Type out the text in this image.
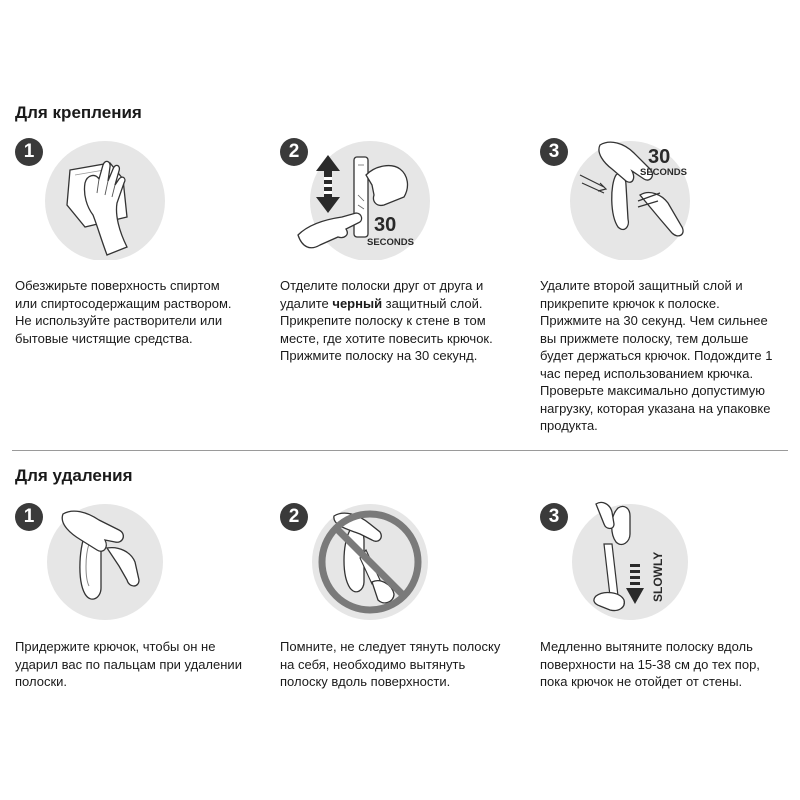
Для крепления
1
Обезжирьте поверхность спиртом
или спиртосодержащим раствором.
Не используйте растворители или
бытовые чистящие средства.
30
SECONDS
2
Отделите полоски друг от друга и
удалите черный защитный слой.
Прикрепите полоску к стене в том
месте, где хотите повесить крючок.
Прижмите полоску на 30 секунд.
30
SECONDS
3
Удалите второй защитный слой и
прикрепите крючок к полоске.
Прижмите на 30 секунд. Чем сильнее
вы прижмете полоску, тем дольше
будет держаться крючок. Подождите 1
час перед использованием крючка.
Проверьте максимально допустимую
нагрузку, которая указана на упаковке
продукта.
Для удаления
1
Придержите крючок, чтобы он не
ударил вас по пальцам при удалении
полоски.
2
Помните, не следует тянуть полоску
на себя, необходимо вытянуть
полоску вдоль поверхности.
SLOWLY
3
Медленно вытяните полоску вдоль
поверхности на 15-38 см до тех пор,
пока крючок не отойдет от стены.
